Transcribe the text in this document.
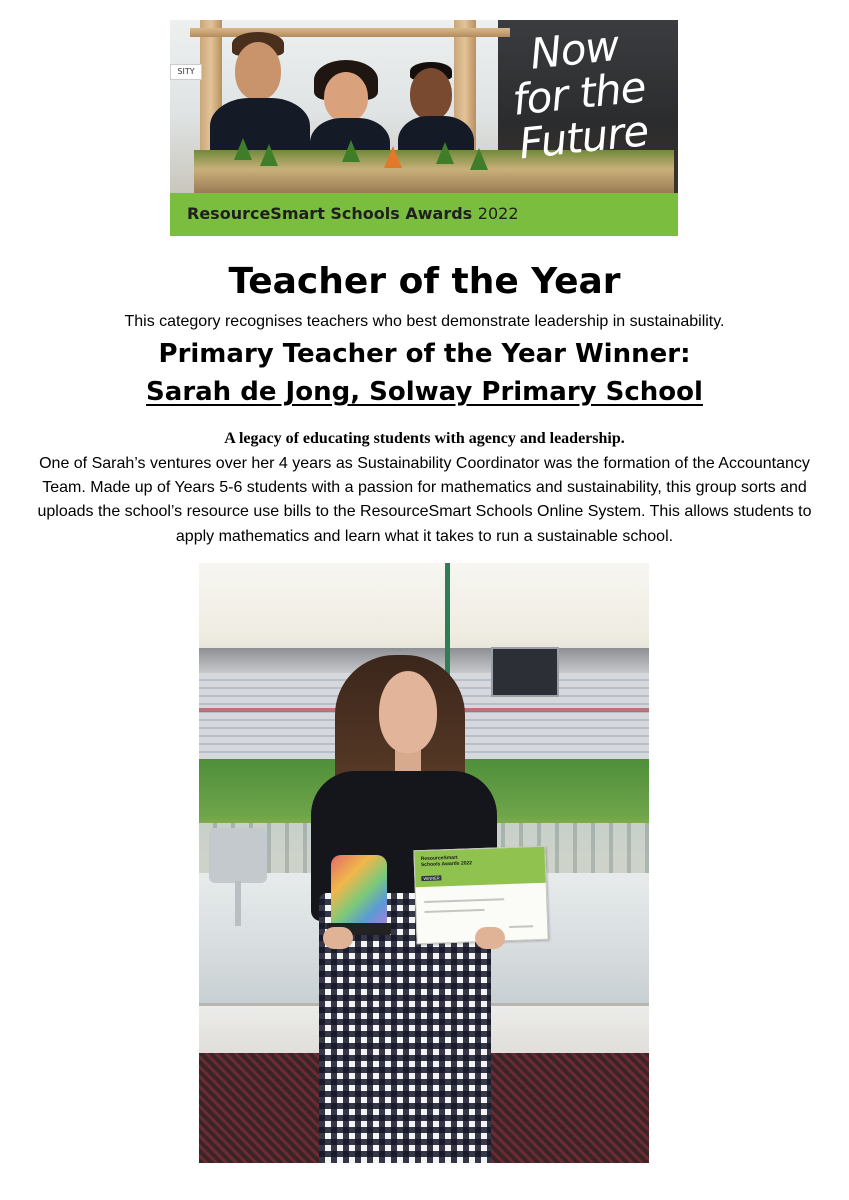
SITY	Now
for the
Future
ResourceSmart Schools Awards 2022
Teacher of the Year
This category recognises teachers who best demonstrate leadership in sustainability.
Primary Teacher of the Year Winner:
Sarah de Jong, Solway Primary School
A legacy of educating students with agency and leadership.

One of Sarah’s ventures over her 4 years as Sustainability Coordinator was the formation of the Accountancy Team. Made up of Years 5-6 students with a passion for mathematics and sustainability, this group sorts and uploads the school’s resource use bills to the ResourceSmart Schools Online System. This allows students to apply mathematics and learn what it takes to run a sustainable school.

ResourceSmart
Schools Awards 2022
WINNER
